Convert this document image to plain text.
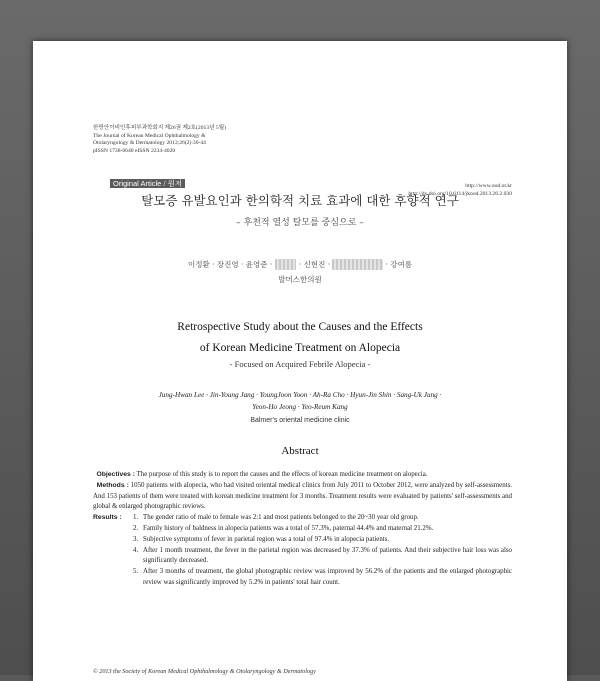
한방안이비인후피부과학회지 제26권 제2호(2013년 5월)
The Journal of Korean Medical Ophthalmology &
Otolaryngology & Dermatology 2013;26(2):30-44
pISSN 1738-6640 eISSN 2234-4020
http://www.ood.or.kr
http://dx.doi.org/10.6114/jkood.2013.26.2.030
Original Article / 원저
탈모증 유발요인과 한의학적 치료 효과에 대한 후향적 연구
– 후천적 열성 탈모를 중심으로 –
이정환 · 장진영 · 윤영준 ·	· 신현진 ·	· 강여름
발머스한의원
Retrospective Study about the Causes and the Effects
of Korean Medicine Treatment on Alopecia
- Focused on Acquired Febrile Alopecia -
Jung-Hwan Lee · Jin-Young Jang · YoungJoon Yoon · Ah-Ra Cho · Hyun-Jin Shin · Sang-Uk Jung ·
Yeon-Ho Jeong · Yeo-Reum Kang
Balmer's oriental medicine clinic
Abstract

Objectives : The purpose of this study is to report the causes and the effects of korean medicine treatment on alopecia.

Methods : 1050 patients with alopecia, who had visited oriental medical clinics from July 2011 to October 2012, were analyzed by self-assessments. And 153 patients of them were treated with korean medicine treatment for 3 months. Treatment results were evaluated by patients' self-assessments and global & enlarged photographic reviews.

Results : 1. The gender ratio of male to female was 2:1 and most patients belonged to the 20~30 year old group.
2. Family history of baldness in alopecia patients was a total of 57.3%, paternal 44.4% and maternal 21.2%.
3. Subjective symptoms of fever in parietal region was a total of 97.4% in alopecia patients.
4. After 1 month treatment, the fever in the parietal region was decreased by 37.3% of patients. And their subjective hair loss was also significantly decreased.
5. After 3 months of treatment, the global photographic review was improved by 56.2% of the patients and the enlarged photographic review was significantly improved by 5.2% in patients' total hair count.
© 2013 the Society of Korean Medical Ophthalmology & Otolaryngology & Dermatology
